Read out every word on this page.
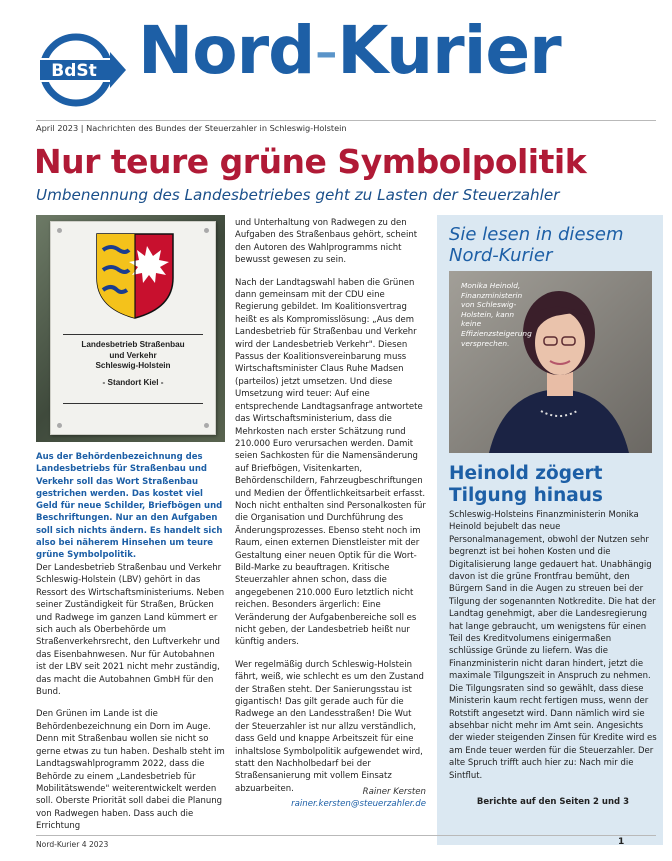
BdSt Nord-Kurier
April 2023 | Nachrichten des Bundes der Steuerzahler in Schleswig-Holstein
Nur teure grüne Symbolpolitik
Umbenennung des Landesbetriebes geht zu Lasten der Steuerzahler
Landesbetrieb Straßenbau
und Verkehr
Schleswig-Holstein
- Standort Kiel -
Aus der Behördenbezeichnung des Landesbetriebs für Straßenbau und Verkehr soll das Wort Straßenbau gestrichen werden. Das kostet viel Geld für neue Schilder, Briefbögen und Beschriftungen. Nur an den Aufgaben soll sich nichts ändern. Es handelt sich also bei näherem Hinsehen um teure grüne Symbolpolitik.

Der Landesbetrieb Straßenbau und Verkehr Schleswig-Holstein (LBV) gehört in das Ressort des Wirtschaftsministeriums. Neben seiner Zuständigkeit für Straßen, Brücken und Radwege im ganzen Land kümmert er sich auch als Oberbehörde um Straßenverkehrsrecht, den Luftverkehr und das Eisenbahnwesen. Nur für Autobahnen ist der LBV seit 2021 nicht mehr zuständig, das macht die Autobahnen GmbH für den Bund.

Den Grünen im Lande ist die Behördenbezeichnung ein Dorn im Auge. Denn mit Straßenbau wollen sie nicht so gerne etwas zu tun haben. Deshalb steht im Landtagswahlprogramm 2022, dass die Behörde zu einem „Landesbetrieb für Mobilitätswende" weiterentwickelt werden soll. Oberste Priorität soll dabei die Planung von Radwegen haben. Dass auch die Errichtung

und Unterhaltung von Radwegen zu den Aufgaben des Straßenbaus gehört, scheint den Autoren des Wahlprogramms nicht bewusst gewesen zu sein.

Nach der Landtagswahl haben die Grünen dann gemeinsam mit der CDU eine Regierung gebildet. Im Koalitionsvertrag heißt es als Kompromisslösung: „Aus dem Landesbetrieb für Straßenbau und Verkehr wird der Landesbetrieb Verkehr". Diesen Passus der Koalitionsvereinbarung muss Wirtschaftsminister Claus Ruhe Madsen (parteilos) jetzt umsetzen. Und diese Umsetzung wird teuer: Auf eine entsprechende Landtagsanfrage antwortete das Wirtschaftsministerium, dass die Mehrkosten nach erster Schätzung rund 210.000 Euro verursachen werden. Damit seien Sachkosten für die Namensänderung auf Briefbögen, Visitenkarten, Behördenschildern, Fahrzeugbeschriftungen und Medien der Öffentlichkeitsarbeit erfasst. Noch nicht enthalten sind Personalkosten für die Organisation und Durchführung des Änderungsprozesses. Ebenso steht noch im Raum, einen externen Dienstleister mit der Gestaltung einer neuen Optik für die Wort-Bild-Marke zu beauftragen. Kritische Steuerzahler ahnen schon, dass die angegebenen 210.000 Euro letztlich nicht reichen. Besonders ärgerlich: Eine Veränderung der Aufgabenbereiche soll es nicht geben, der Landesbetrieb heißt nur künftig anders.

Wer regelmäßig durch Schleswig-Holstein fährt, weiß, wie schlecht es um den Zustand der Straßen steht. Der Sanierungsstau ist gigantisch! Das gilt gerade auch für die Radwege an den Landesstraßen! Die Wut der Steuerzahler ist nur allzu verständlich, dass Geld und knappe Arbeitszeit für eine inhaltslose Symbolpolitik aufgewendet wird, statt den Nachholbedarf bei der Straßensanierung mit vollem Einsatz abzuarbeiten.	Rainer Kersten
rainer.kersten@steuerzahler.de
Sie lesen in diesem
Nord-Kurier
Monika Heinold, Finanzministerin von Schleswig-Holstein, kann keine Effizienzsteigerung versprechen.
Heinold zögert
Tilgung hinaus
Schleswig-Holsteins Finanzministerin Monika Heinold bejubelt das neue Personalmanagement, obwohl der Nutzen sehr begrenzt ist bei hohen Kosten und die Digitalisierung lange gedauert hat. Unabhängig davon ist die grüne Frontfrau bemüht, den Bürgern Sand in die Augen zu streuen bei der Tilgung der sogenannten Notkredite. Die hat der Landtag genehmigt, aber die Landesregierung hat lange gebraucht, um wenigstens für einen Teil des Kreditvolumens einigermaßen schlüssige Gründe zu liefern. Was die Finanzministerin nicht daran hindert, jetzt die maximale Tilgungszeit in Anspruch zu nehmen. Die Tilgungsraten sind so gewählt, dass diese Ministerin kaum recht fertigen muss, wenn der Rotstift angesetzt wird. Dann nämlich wird sie absehbar nicht mehr im Amt sein. Angesichts der wieder steigenden Zinsen für Kredite wird es am Ende teuer werden für die Steuerzahler. Der alte Spruch trifft auch hier zu: Nach mir die Sintflut.
Berichte auf den Seiten 2 und 3
Nord-Kurier 4 2023	1
